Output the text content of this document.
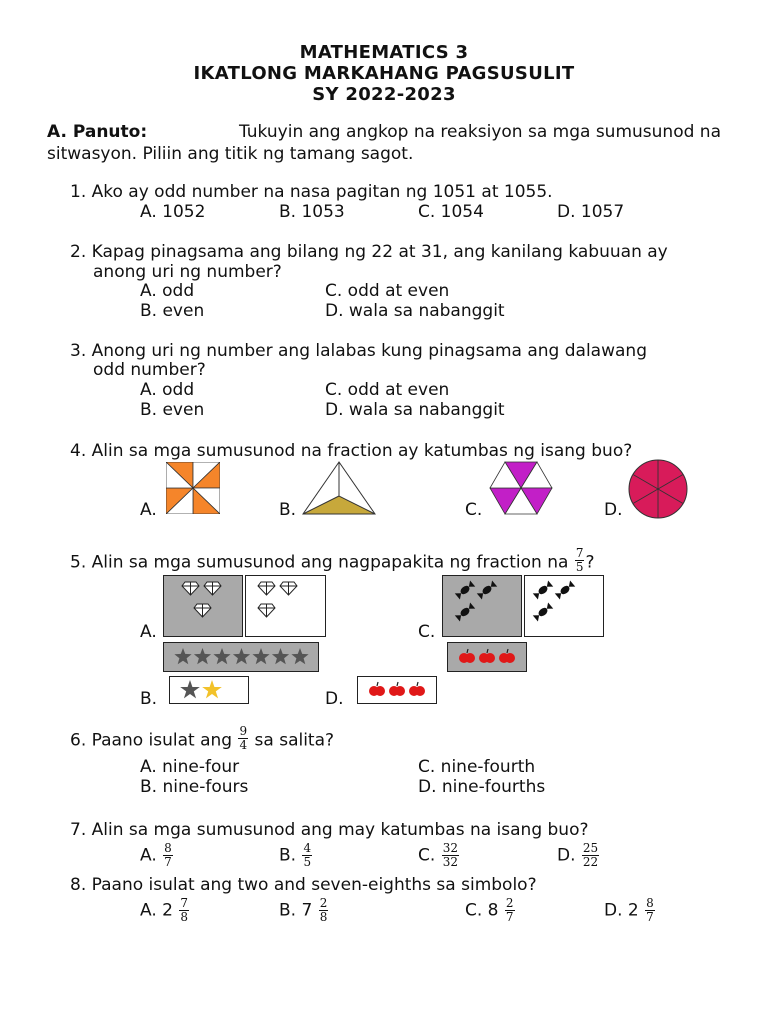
MATHEMATICS 3
IKATLONG MARKAHANG PAGSUSULIT
SY 2022-2023
A. Panuto:	Tukuyin ang angkop na reaksiyon sa mga sumusunod na
sitwasyon. Piliin ang titik ng tamang sagot.
1. Ako ay odd number na nasa pagitan ng 1051 at 1055.
A. 1052	B. 1053	C. 1054	D. 1057
2. Kapag pinagsama ang bilang ng 22 at 31, ang kanilang kabuuan ay
anong uri ng number?
A. odd	C. odd at even
B. even	D. wala sa nabanggit
3. Anong uri ng number ang lalabas kung pinagsama ang dalawang
odd number?
A. odd	C. odd at even
B. even	D. wala sa nabanggit
4. Alin sa mga sumusunod na fraction ay katumbas ng isang buo?
A.	B.	C.	D.
5. Alin sa mga sumusunod ang nagpapakita ng fraction na $\frac{7}{5}$ ?
A.
B.
C.
D.
6. Paano isulat ang $\frac{9}{4}$ sa salita?
A. nine-four	C. nine-fourth
B. nine-fours	D. nine-fourths
7. Alin sa mga sumusunod ang may katumbas na isang buo?
A. $\frac{8}{7}$	B. $\frac{4}{5}$	C. $\frac{32}{32}$	D. $\frac{25}{22}$
8. Paano isulat ang two and seven-eighths sa simbolo?
A. $2 \frac{7}{8}$	B. $7 \frac{2}{8}$	C. $8 \frac{2}{7}$	D. $2 \frac{8}{7}$
